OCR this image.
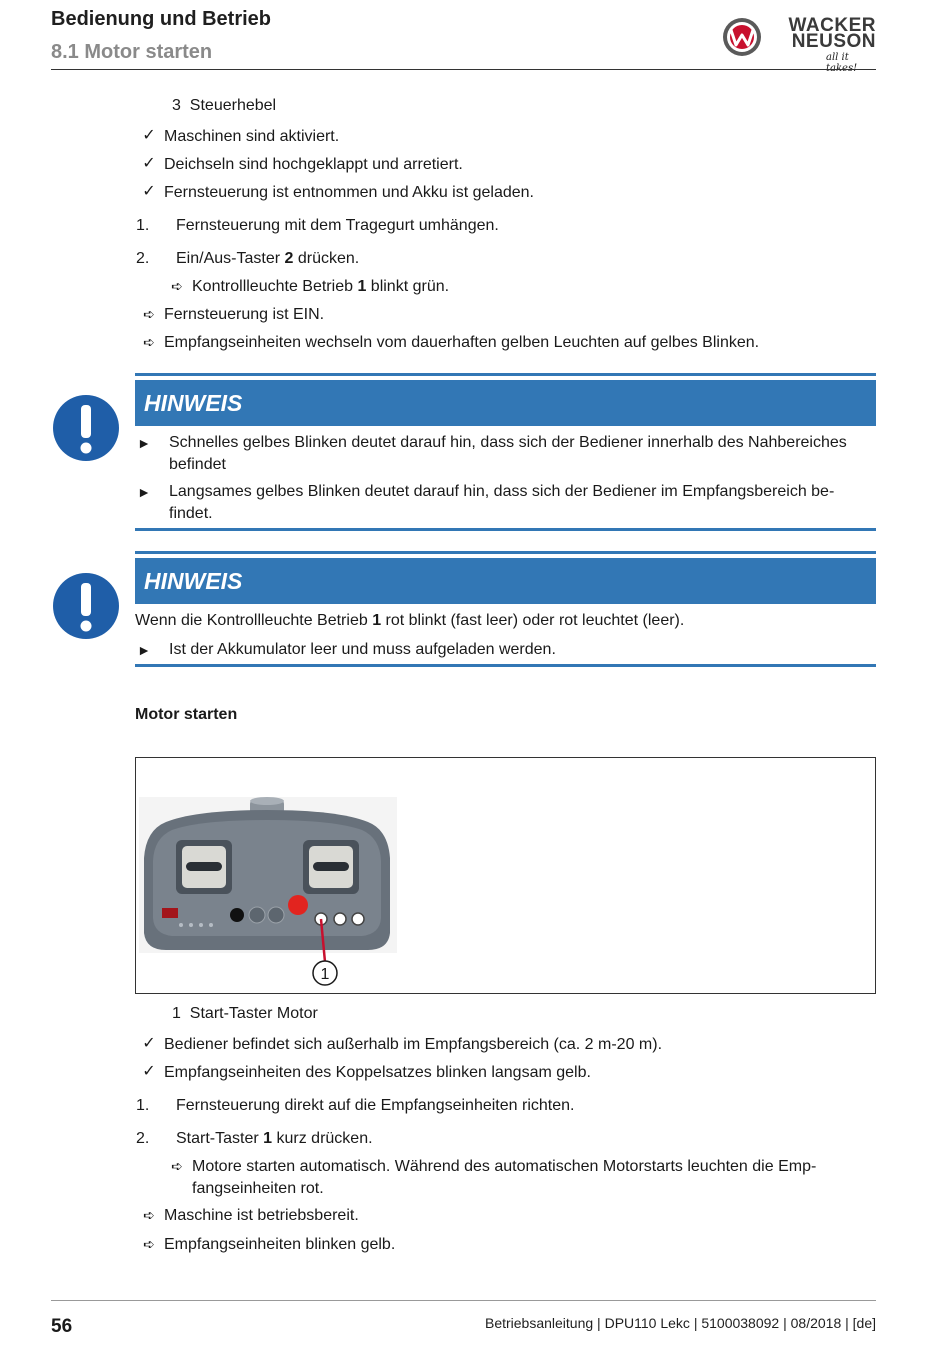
Bedienung und Betrieb
8.1 Motor starten
WACKER
NEUSON
all it
3 Steuerhebel
✓ Maschinen sind aktiviert.
✓ Deichseln sind hochgeklappt und arretiert.
✓ Fernsteuerung ist entnommen und Akku ist geladen.
1. Fernsteuerung mit dem Tragegurt umhängen.
2. Ein/Aus-Taster 2 drücken.
➪ Kontrollleuchte Betrieb 1 blinkt grün.
➪ Fernsteuerung ist EIN.
➪ Empfangseinheiten wechseln vom dauerhaften gelben Leuchten auf gelbes Blinken.
HINWEIS
► Schnelles gelbes Blinken deutet darauf hin, dass sich der Bediener innerhalb des Nahbereiches
befindet
► Langsames gelbes Blinken deutet darauf hin, dass sich der Bediener im Empfangsbereich be-
findet.
HINWEIS
Wenn die Kontrollleuchte Betrieb 1 rot blinkt (fast leer) oder rot leuchtet (leer).
► Ist der Akkumulator leer und muss aufgeladen werden.
Motor starten
1
1 Start-Taster Motor
✓ Bediener befindet sich außerhalb im Empfangsbereich (ca. 2 m-20 m).
✓ Empfangseinheiten des Koppelsatzes blinken langsam gelb.
1. Fernsteuerung direkt auf die Empfangseinheiten richten.
2. Start-Taster 1 kurz drücken.
➪ Motore starten automatisch. Während des automatischen Motorstarts leuchten die Emp-
fangseinheiten rot.
➪ Maschine ist betriebsbereit.
➪ Empfangseinheiten blinken gelb.
56	Betriebsanleitung | DPU110 Lekc | 5100038092 | 08/2018 | [de]
